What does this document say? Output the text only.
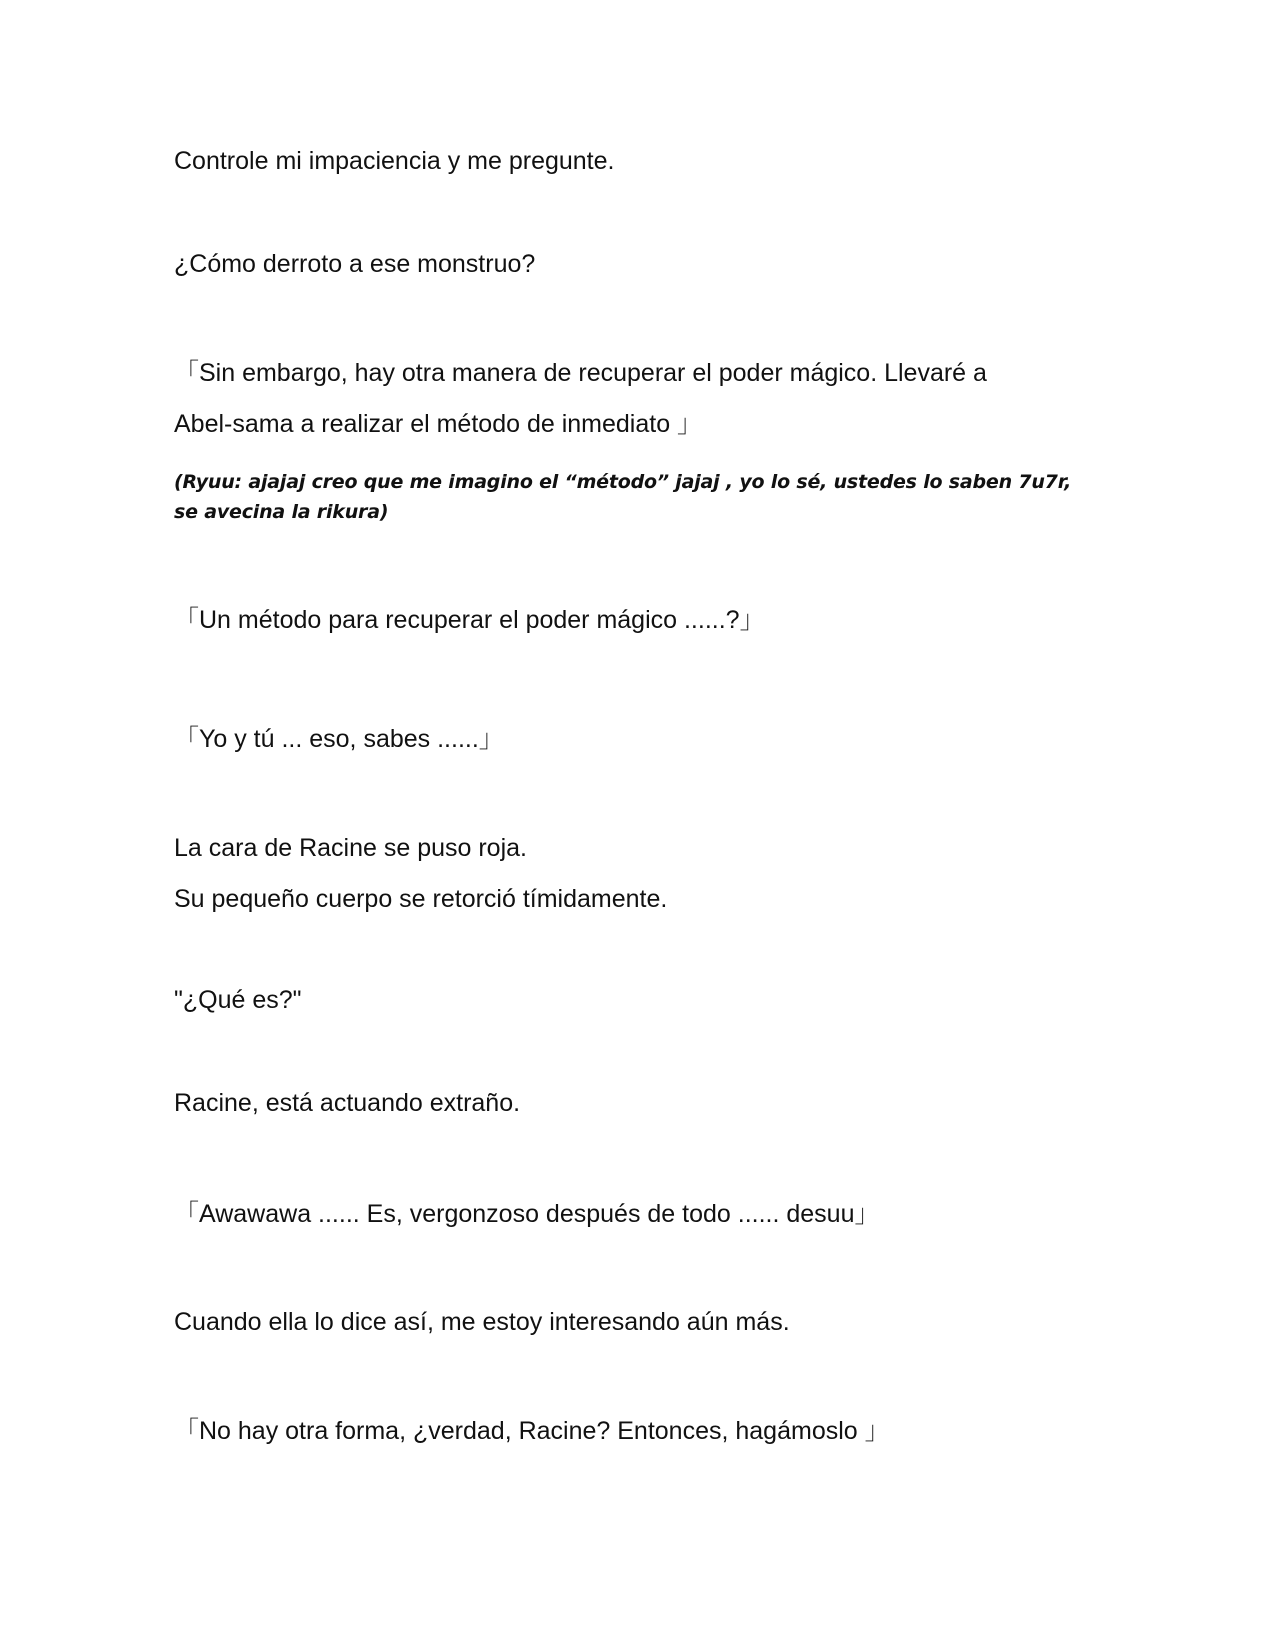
Controle mi impaciencia y me pregunte.
¿Cómo derroto a ese monstruo?
「Sin embargo, hay otra manera de recuperar el poder mágico. Llevaré a
Abel-sama a realizar el método de inmediato 」
(Ryuu: ajajaj creo que me imagino el “método” jajaj , yo lo sé, ustedes lo saben 7u7r,
se avecina la rikura)
「Un método para recuperar el poder mágico ......?」
「Yo y tú ... eso, sabes ......」
La cara de Racine se puso roja.
Su pequeño cuerpo se retorció tímidamente.
"¿Qué es?"
Racine, está actuando extraño.
「Awawawa ...... Es, vergonzoso después de todo ...... desuu」
Cuando ella lo dice así, me estoy interesando aún más.
「No hay otra forma, ¿verdad, Racine? Entonces, hagámoslo 」
